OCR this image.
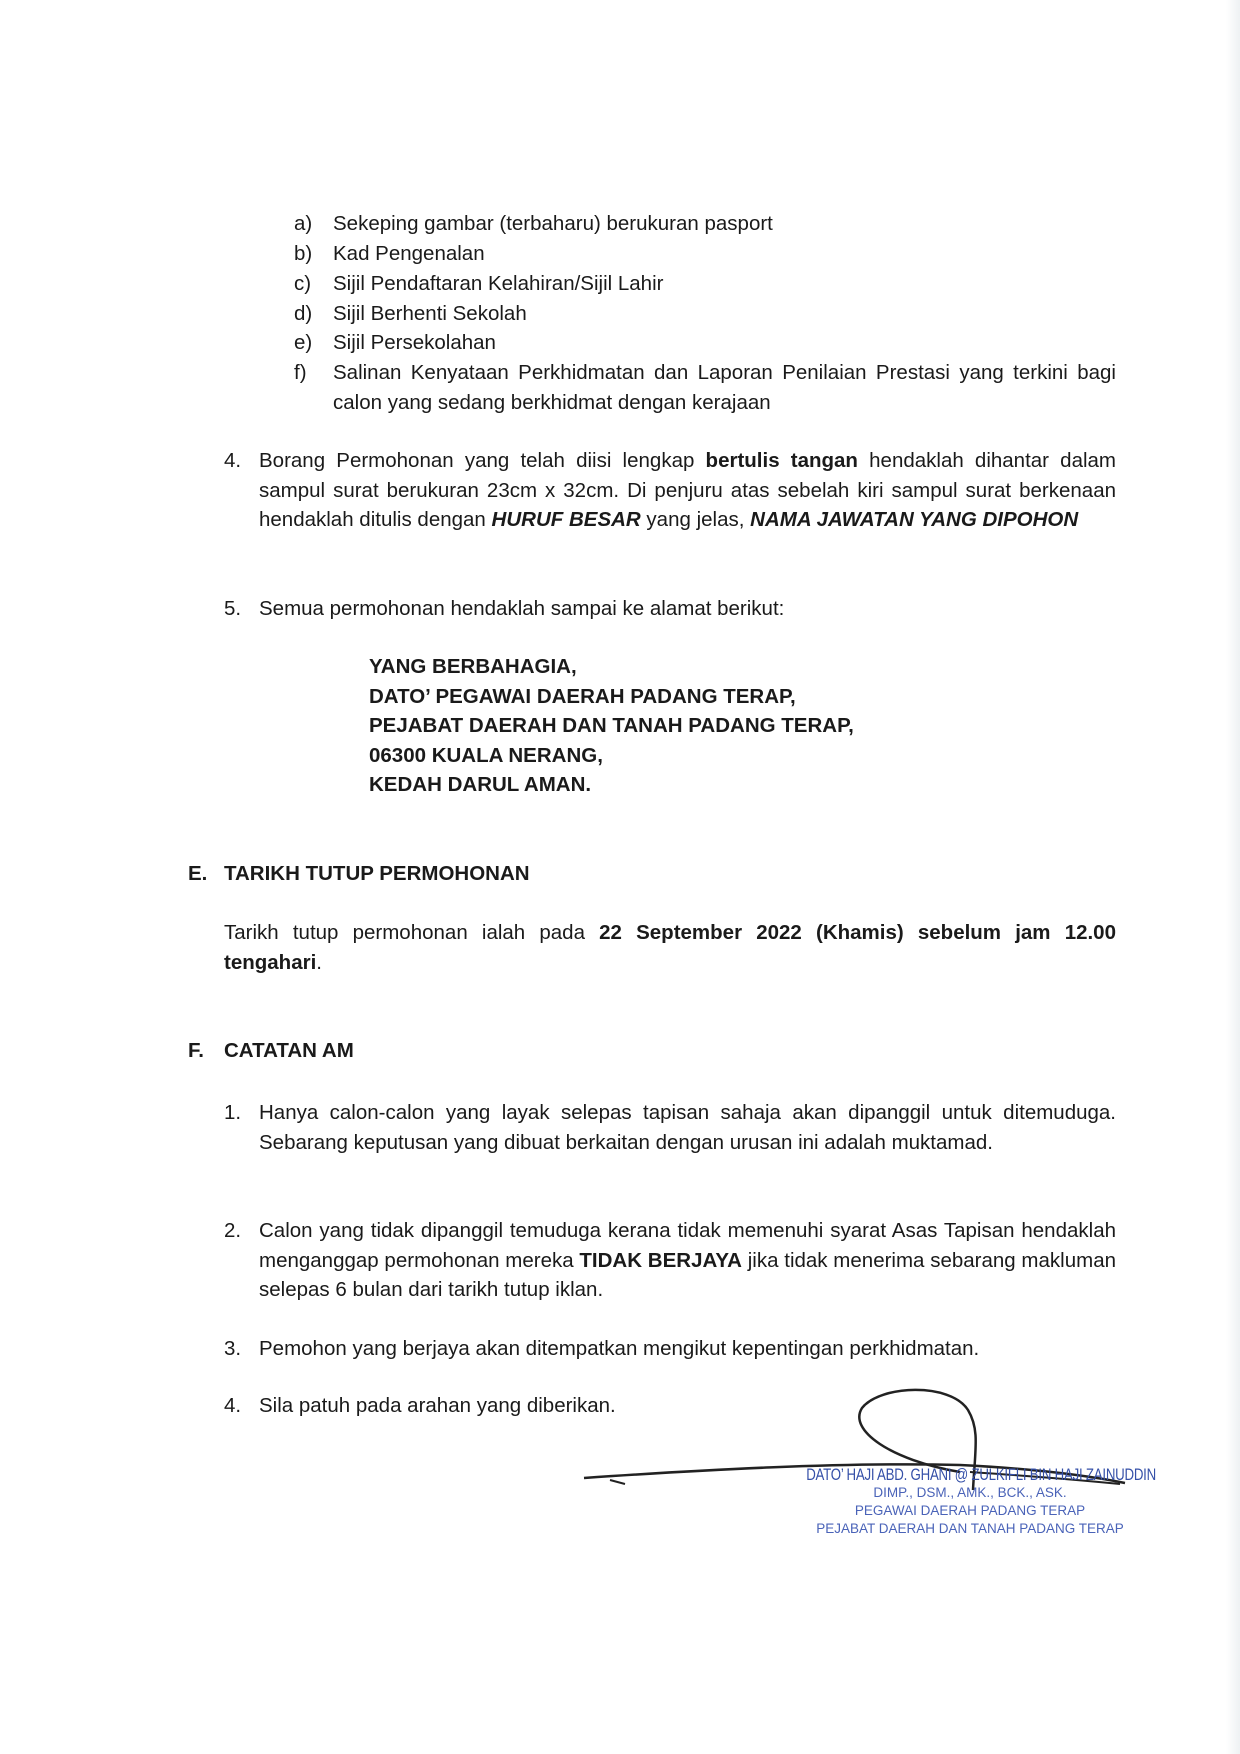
a) Sekeping gambar (terbaharu) berukuran pasport
b) Kad Pengenalan
c) Sijil Pendaftaran Kelahiran/Sijil Lahir
d) Sijil Berhenti Sekolah
e) Sijil Persekolahan
f) Salinan Kenyataan Perkhidmatan dan Laporan Penilaian Prestasi yang terkini bagi calon yang sedang berkhidmat dengan kerajaan
4. Borang Permohonan yang telah diisi lengkap bertulis tangan hendaklah dihantar dalam sampul surat berukuran 23cm x 32cm. Di penjuru atas sebelah kiri sampul surat berkenaan hendaklah ditulis dengan HURUF BESAR yang jelas, NAMA JAWATAN YANG DIPOHON
5. Semua permohonan hendaklah sampai ke alamat berikut:
YANG BERBAHAGIA,
DATO’ PEGAWAI DAERAH PADANG TERAP,
PEJABAT DAERAH DAN TANAH PADANG TERAP,
06300 KUALA NERANG,
KEDAH DARUL AMAN.
E. TARIKH TUTUP PERMOHONAN
Tarikh tutup permohonan ialah pada 22 September 2022 (Khamis) sebelum jam 12.00 tengahari.
F. CATATAN AM
1. Hanya calon-calon yang layak selepas tapisan sahaja akan dipanggil untuk ditemuduga. Sebarang keputusan yang dibuat berkaitan dengan urusan ini adalah muktamad.
2. Calon yang tidak dipanggil temuduga kerana tidak memenuhi syarat Asas Tapisan hendaklah menganggap permohonan mereka TIDAK BERJAYA jika tidak menerima sebarang makluman selepas 6 bulan dari tarikh tutup iklan.
3. Pemohon yang berjaya akan ditempatkan mengikut kepentingan perkhidmatan.
4. Sila patuh pada arahan yang diberikan.
DATO’ HAJI ABD. GHANI @ ZULKIFLI BIN HAJI ZAINUDDIN
DIMP., DSM., AMK., BCK., ASK.
PEGAWAI DAERAH PADANG TERAP
PEJABAT DAERAH DAN TANAH PADANG TERAP
